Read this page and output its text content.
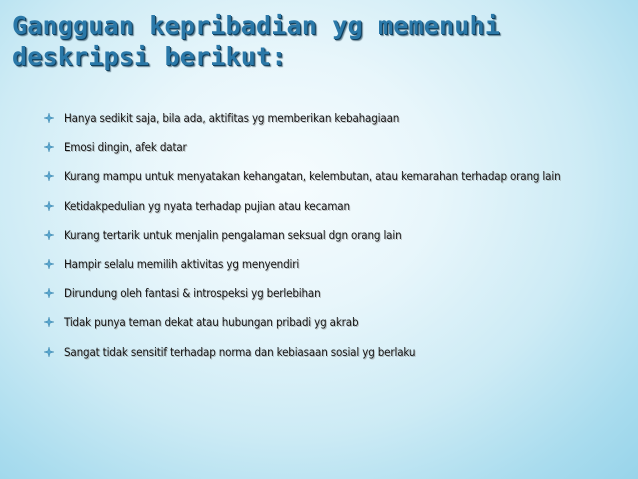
Gangguan kepribadian yg memenuhi deskripsi berikut:
Hanya sedikit saja, bila ada, aktifitas yg memberikan kebahagiaan
Emosi dingin, afek datar
Kurang mampu untuk menyatakan kehangatan, kelembutan, atau kemarahan terhadap orang lain
Ketidakpedulian yg nyata terhadap pujian atau kecaman
Kurang tertarik untuk menjalin pengalaman seksual dgn orang lain
Hampir selalu memilih aktivitas yg menyendiri
Dirundung oleh fantasi & introspeksi yg berlebihan
Tidak punya teman dekat atau hubungan pribadi yg akrab
Sangat tidak sensitif terhadap norma dan kebiasaan sosial yg berlaku
